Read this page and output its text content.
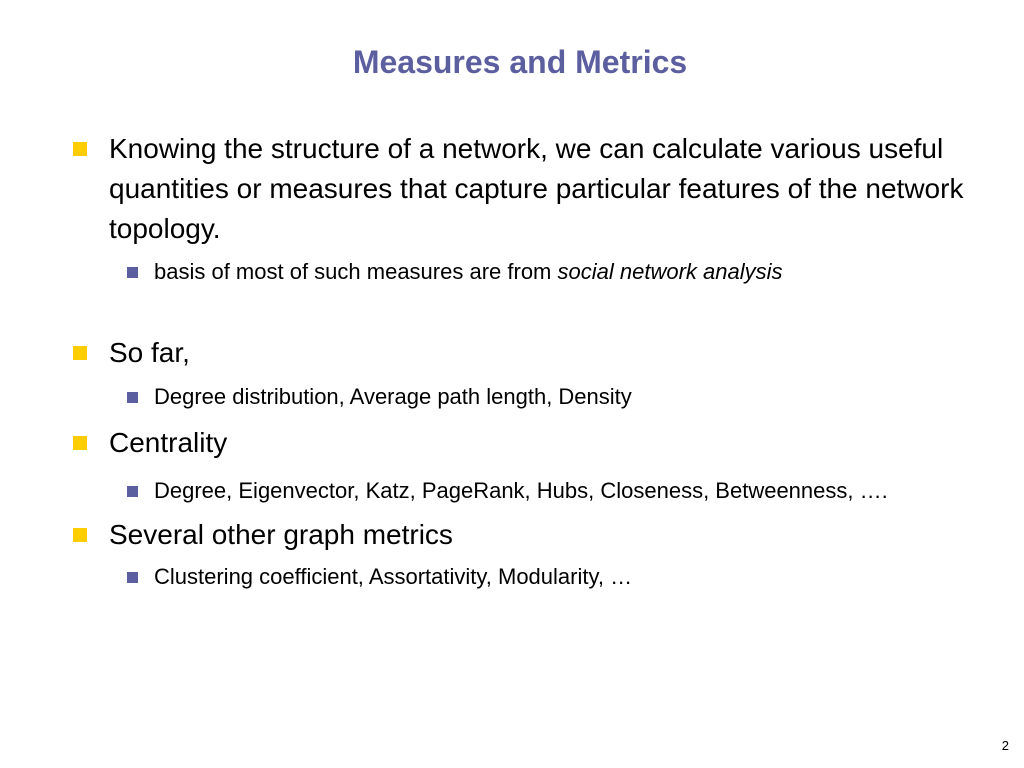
Measures and Metrics
Knowing the structure of a network, we can calculate various useful quantities or measures that capture particular features of the network topology.
basis of most of such measures are from social network analysis
So far,
Degree distribution, Average path length, Density
Centrality
Degree, Eigenvector, Katz, PageRank, Hubs, Closeness, Betweenness, ….
Several other graph metrics
Clustering coefficient, Assortativity, Modularity, …
2
